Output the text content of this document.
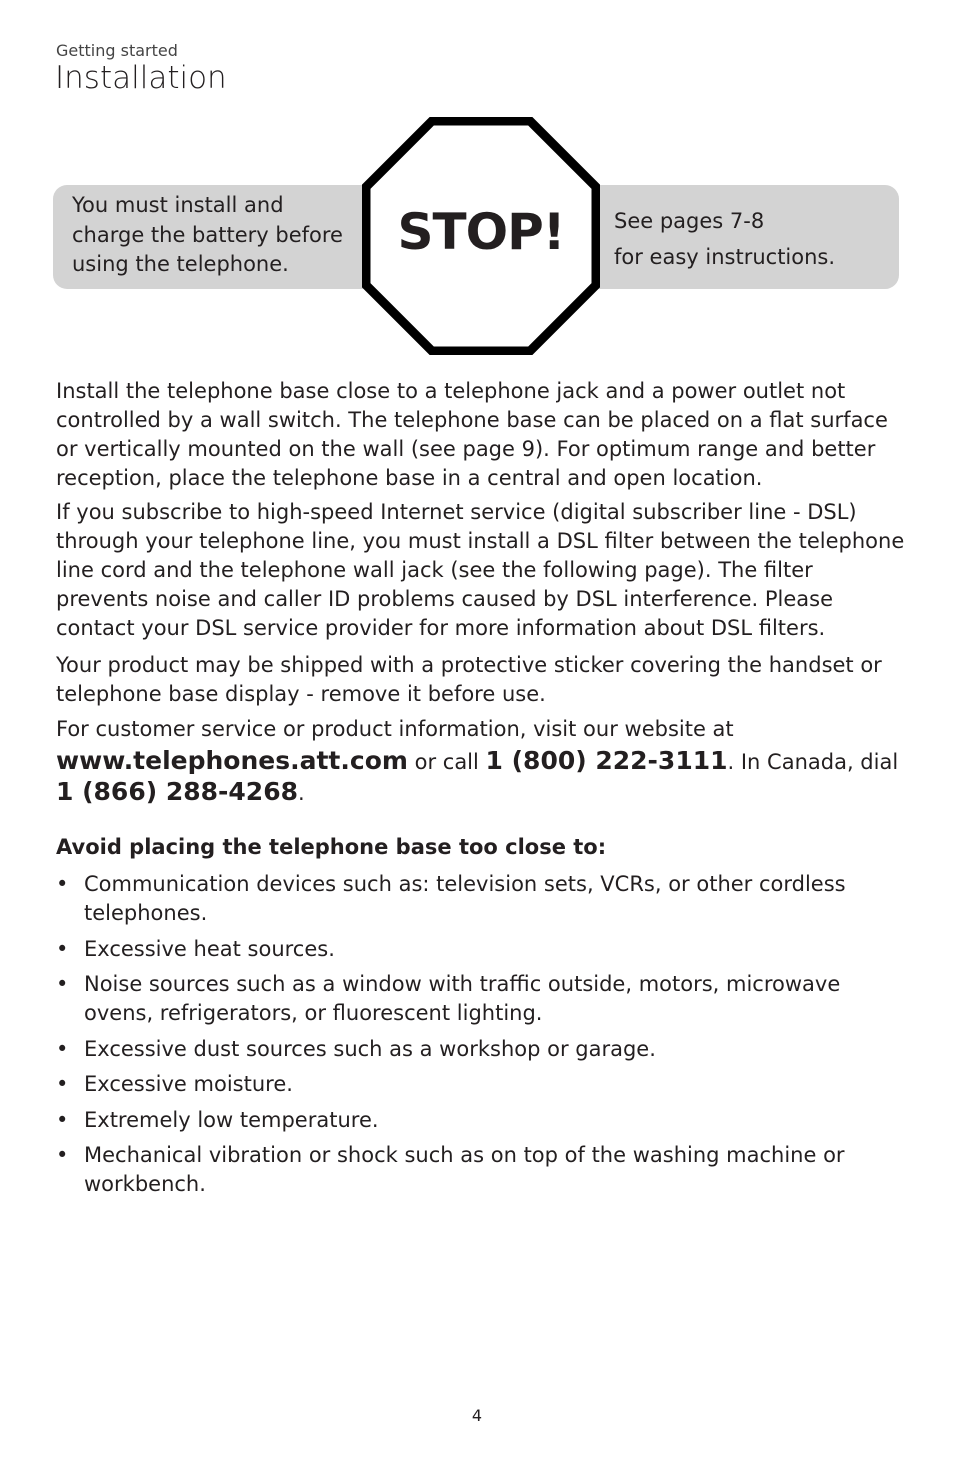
Getting started
Installation
You must install and charge the battery before using the telephone.
STOP!	See pages 7-8
for easy instructions.

Install the telephone base close to a telephone jack and a power outlet not controlled by a wall switch. The telephone base can be placed on a flat surface or vertically mounted on the wall (see page 9). For optimum range and better reception, place the telephone base in a central and open location.

If you subscribe to high-speed Internet service (digital subscriber line - DSL) through your telephone line, you must install a DSL filter between the telephone line cord and the telephone wall jack (see the following page). The filter prevents noise and caller ID problems caused by DSL interference. Please contact your DSL service provider for more information about DSL filters.

Your product may be shipped with a protective sticker covering the handset or telephone base display - remove it before use.

For customer service or product information, visit our website at

www.telephones.att.com or call 1 (800) 222-3111. In Canada, dial
1 (866) 288-4268.
Avoid placing the telephone base too close to:
• Communication devices such as: television sets, VCRs, or other cordless telephones.
• Excessive heat sources.
• Noise sources such as a window with traffic outside, motors, microwave ovens, refrigerators, or fluorescent lighting.
• Excessive dust sources such as a workshop or garage.
• Excessive moisture.
• Extremely low temperature.
• Mechanical vibration or shock such as on top of the washing machine or workbench.
4
